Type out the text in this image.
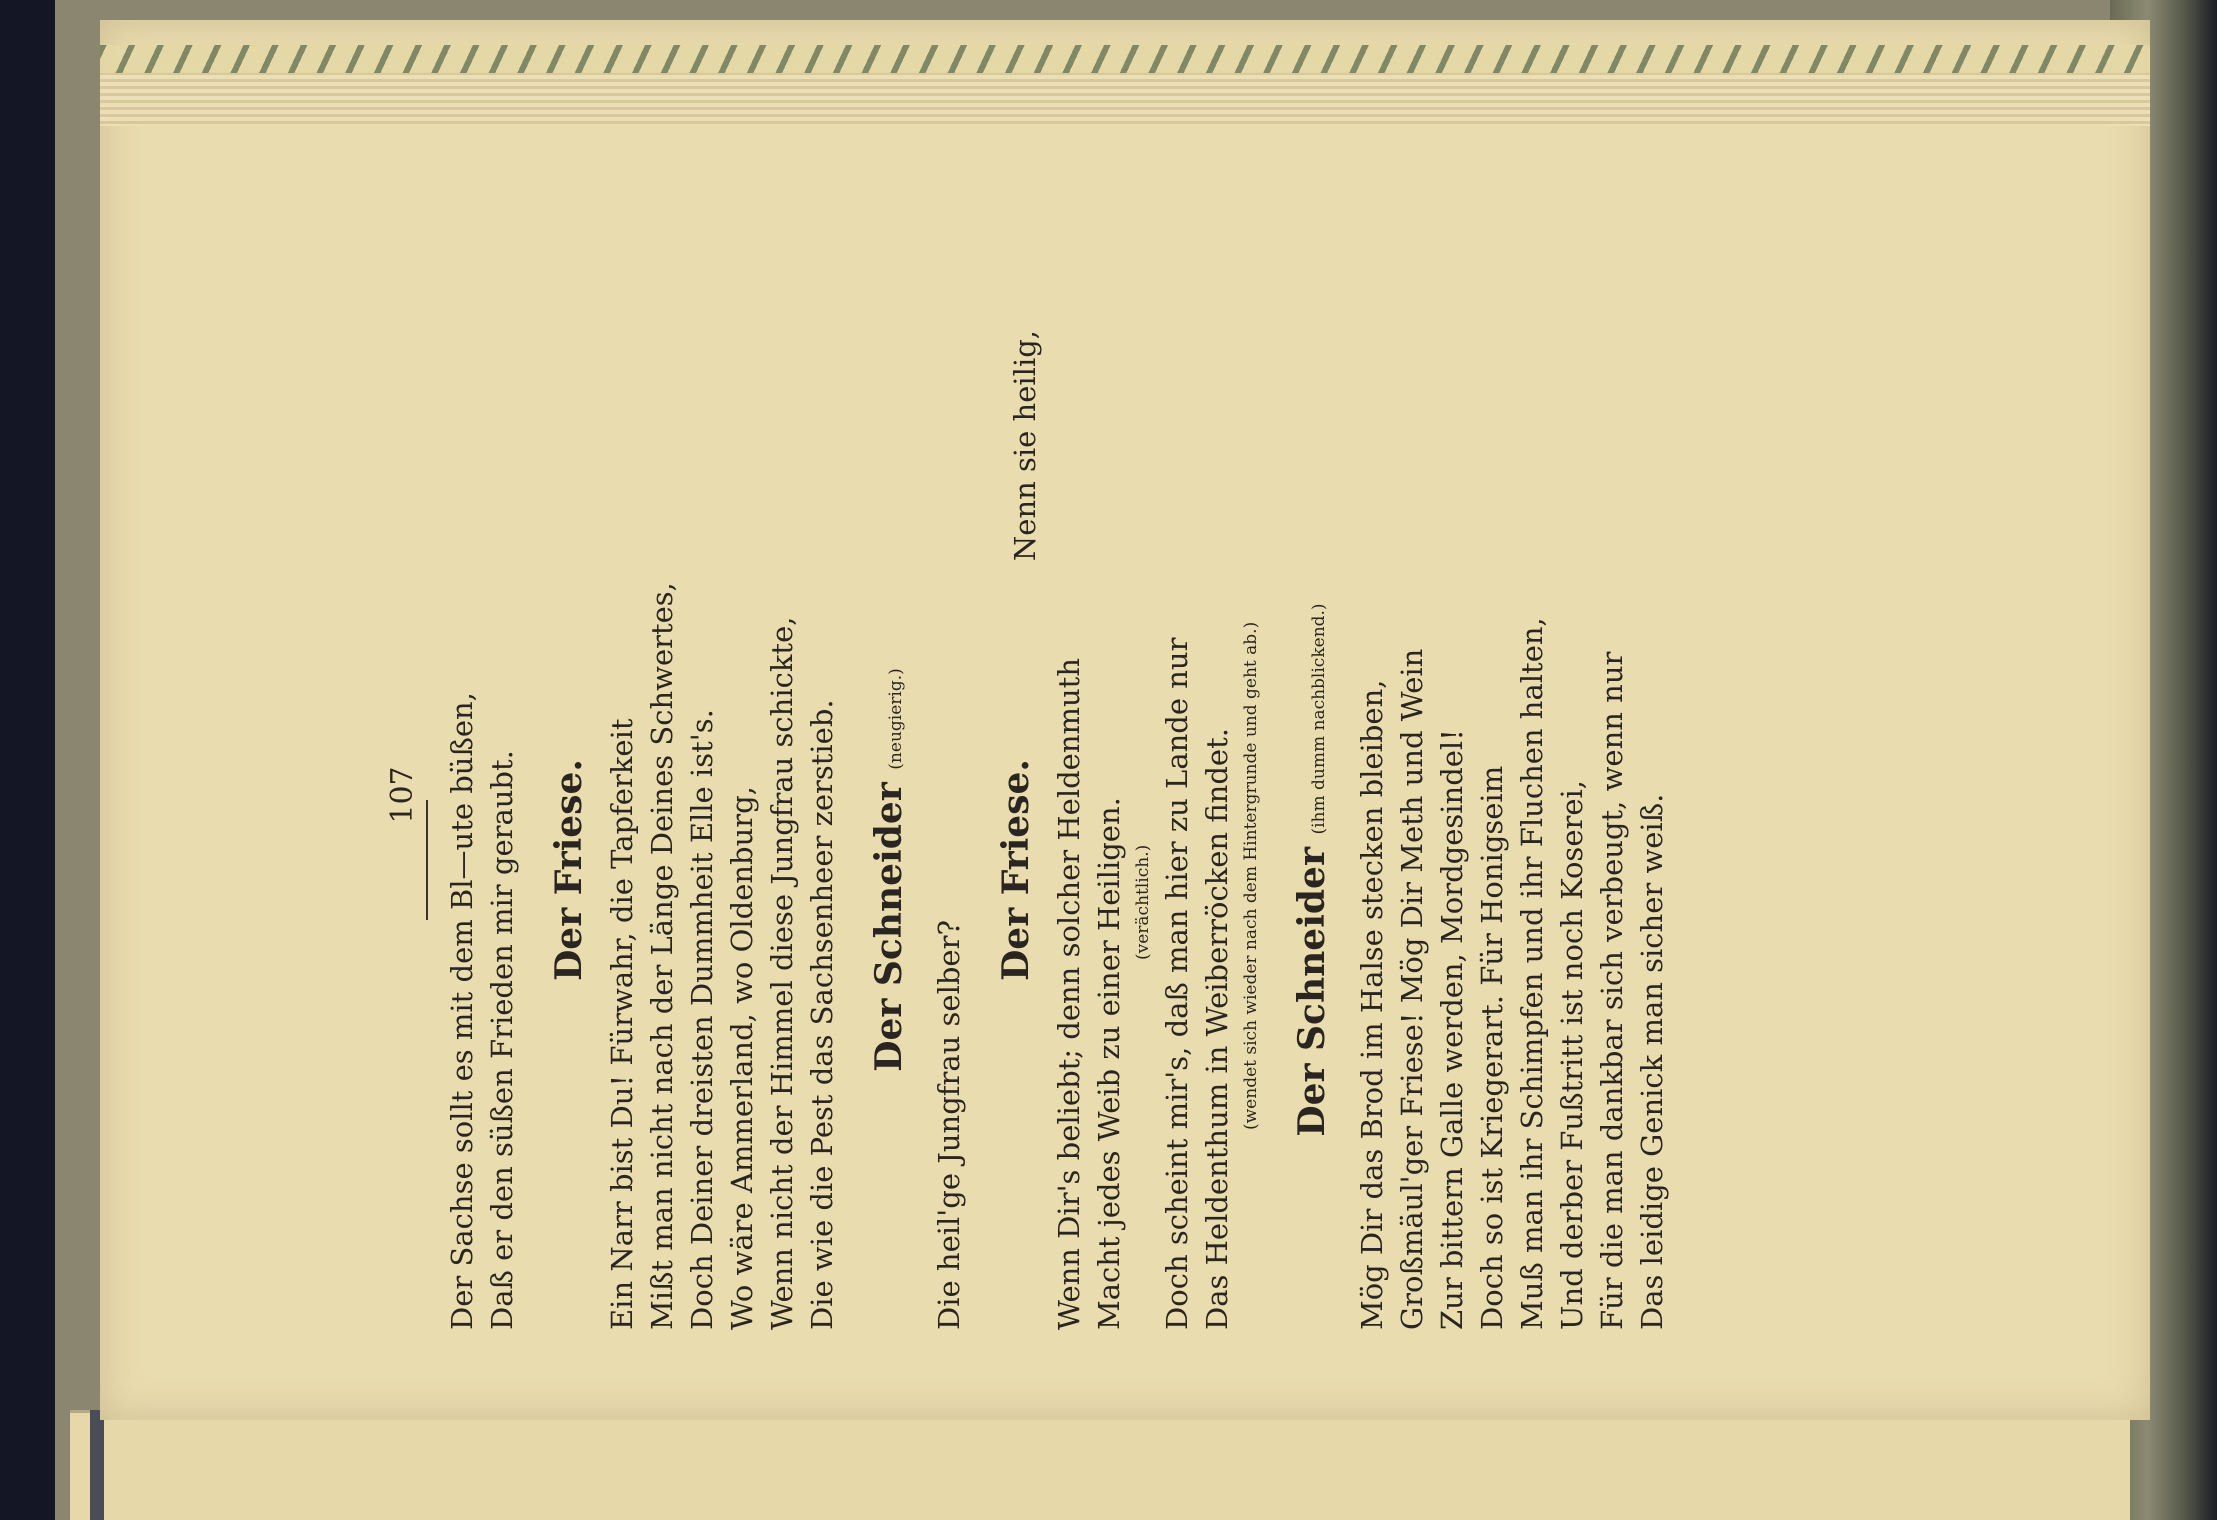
107 Der Sachse sollt es mit dem Bl—ute büßen, Daß er den süßen Frieden mir geraubt. Der Friese. Ein Narr bist Du! Fürwahr, die Tapferkeit Mißt man nicht nach der Länge Deines Schwertes, Doch Deiner dreisten Dummheit Elle ist's. Wo wäre Ammerland, wo Oldenburg, Wenn nicht der Himmel diese Jungfrau schickte, Die wie die Pest das Sachsenheer zerstieb. Der Schneider (neugierig.)

Die heil'ge Jungfrau selber?

Der Friese.
Nenn sie heilig,

Wenn Dir's beliebt; denn solcher Heldenmuth Macht jedes Weib zu einer Heiligen. (verächtlich.) Doch scheint mir's, daß man hier zu Lande nur Das Heldenthum in Weiberröcken findet. (wendet sich wieder nach dem Hintergrunde und geht ab.) Der Schneider (ihm dumm nachblickend.) Mög Dir das Brod im Halse stecken bleiben, Großmäul'ger Friese! Mög Dir Meth und Wein Zur bittern Galle werden, Mordgesindel! Doch so ist Kriegerart. Für Honigseim Muß man ihr Schimpfen und ihr Fluchen halten, Und derber Fußtritt ist noch Koserei, Für die man dankbar sich verbeugt, wenn nur Das leidige Genick man sicher weiß.
